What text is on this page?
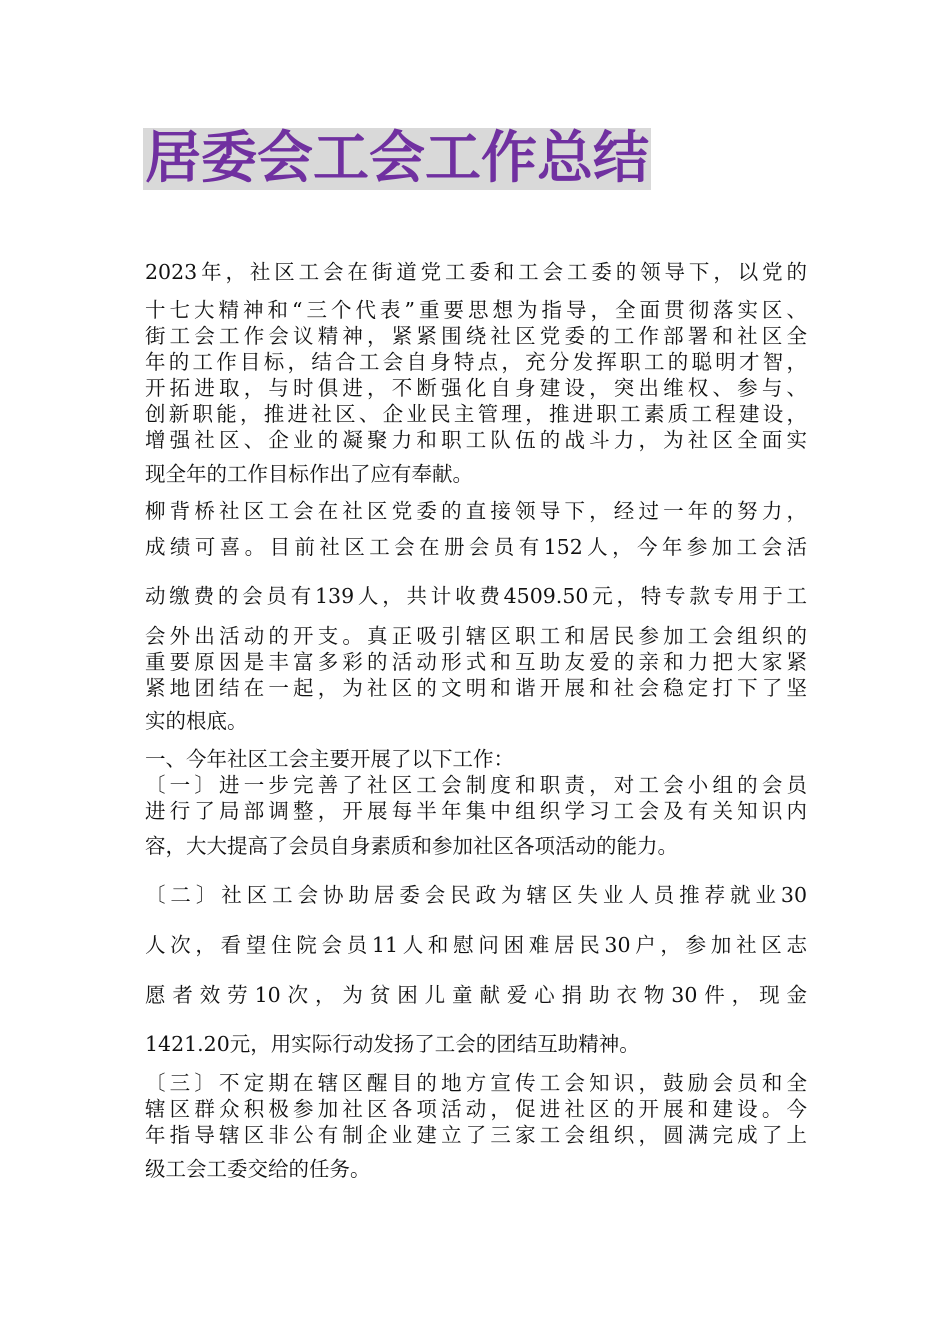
居委会工会工作总结
2023年，社区工会在街道党工委和工会工委的领导下，以党的
十七大精神和“三个代表”重要思想为指导，全面贯彻落实区、
街工会工作会议精神，紧紧围绕社区党委的工作部署和社区全
年的工作目标，结合工会自身特点，充分发挥职工的聪明才智，
开拓进取，与时俱进，不断强化自身建设，突出维权、参与、
创新职能，推进社区、企业民主管理，推进职工素质工程建设，
增强社区、企业的凝聚力和职工队伍的战斗力，为社区全面实
现全年的工作目标作出了应有奉献。
柳背桥社区工会在社区党委的直接领导下，经过一年的努力，
成绩可喜。目前社区工会在册会员有152人，今年参加工会活
动缴费的会员有139人，共计收费4509.50元，特专款专用于工
会外出活动的开支。真正吸引辖区职工和居民参加工会组织的
重要原因是丰富多彩的活动形式和互助友爱的亲和力把大家紧
紧地团结在一起，为社区的文明和谐开展和社会稳定打下了坚
实的根底。
一、今年社区工会主要开展了以下工作：
〔一〕进一步完善了社区工会制度和职责，对工会小组的会员
进行了局部调整，开展每半年集中组织学习工会及有关知识内
容，大大提高了会员自身素质和参加社区各项活动的能力。
〔二〕社区工会协助居委会民政为辖区失业人员推荐就业30
人次，看望住院会员11人和慰问困难居民30户，参加社区志
愿者效劳10次，为贫困儿童献爱心捐助衣物30件，现金
1421.20元，用实际行动发扬了工会的团结互助精神。
〔三〕不定期在辖区醒目的地方宣传工会知识，鼓励会员和全
辖区群众积极参加社区各项活动，促进社区的开展和建设。今
年指导辖区非公有制企业建立了三家工会组织，圆满完成了上
级工会工委交给的任务。
